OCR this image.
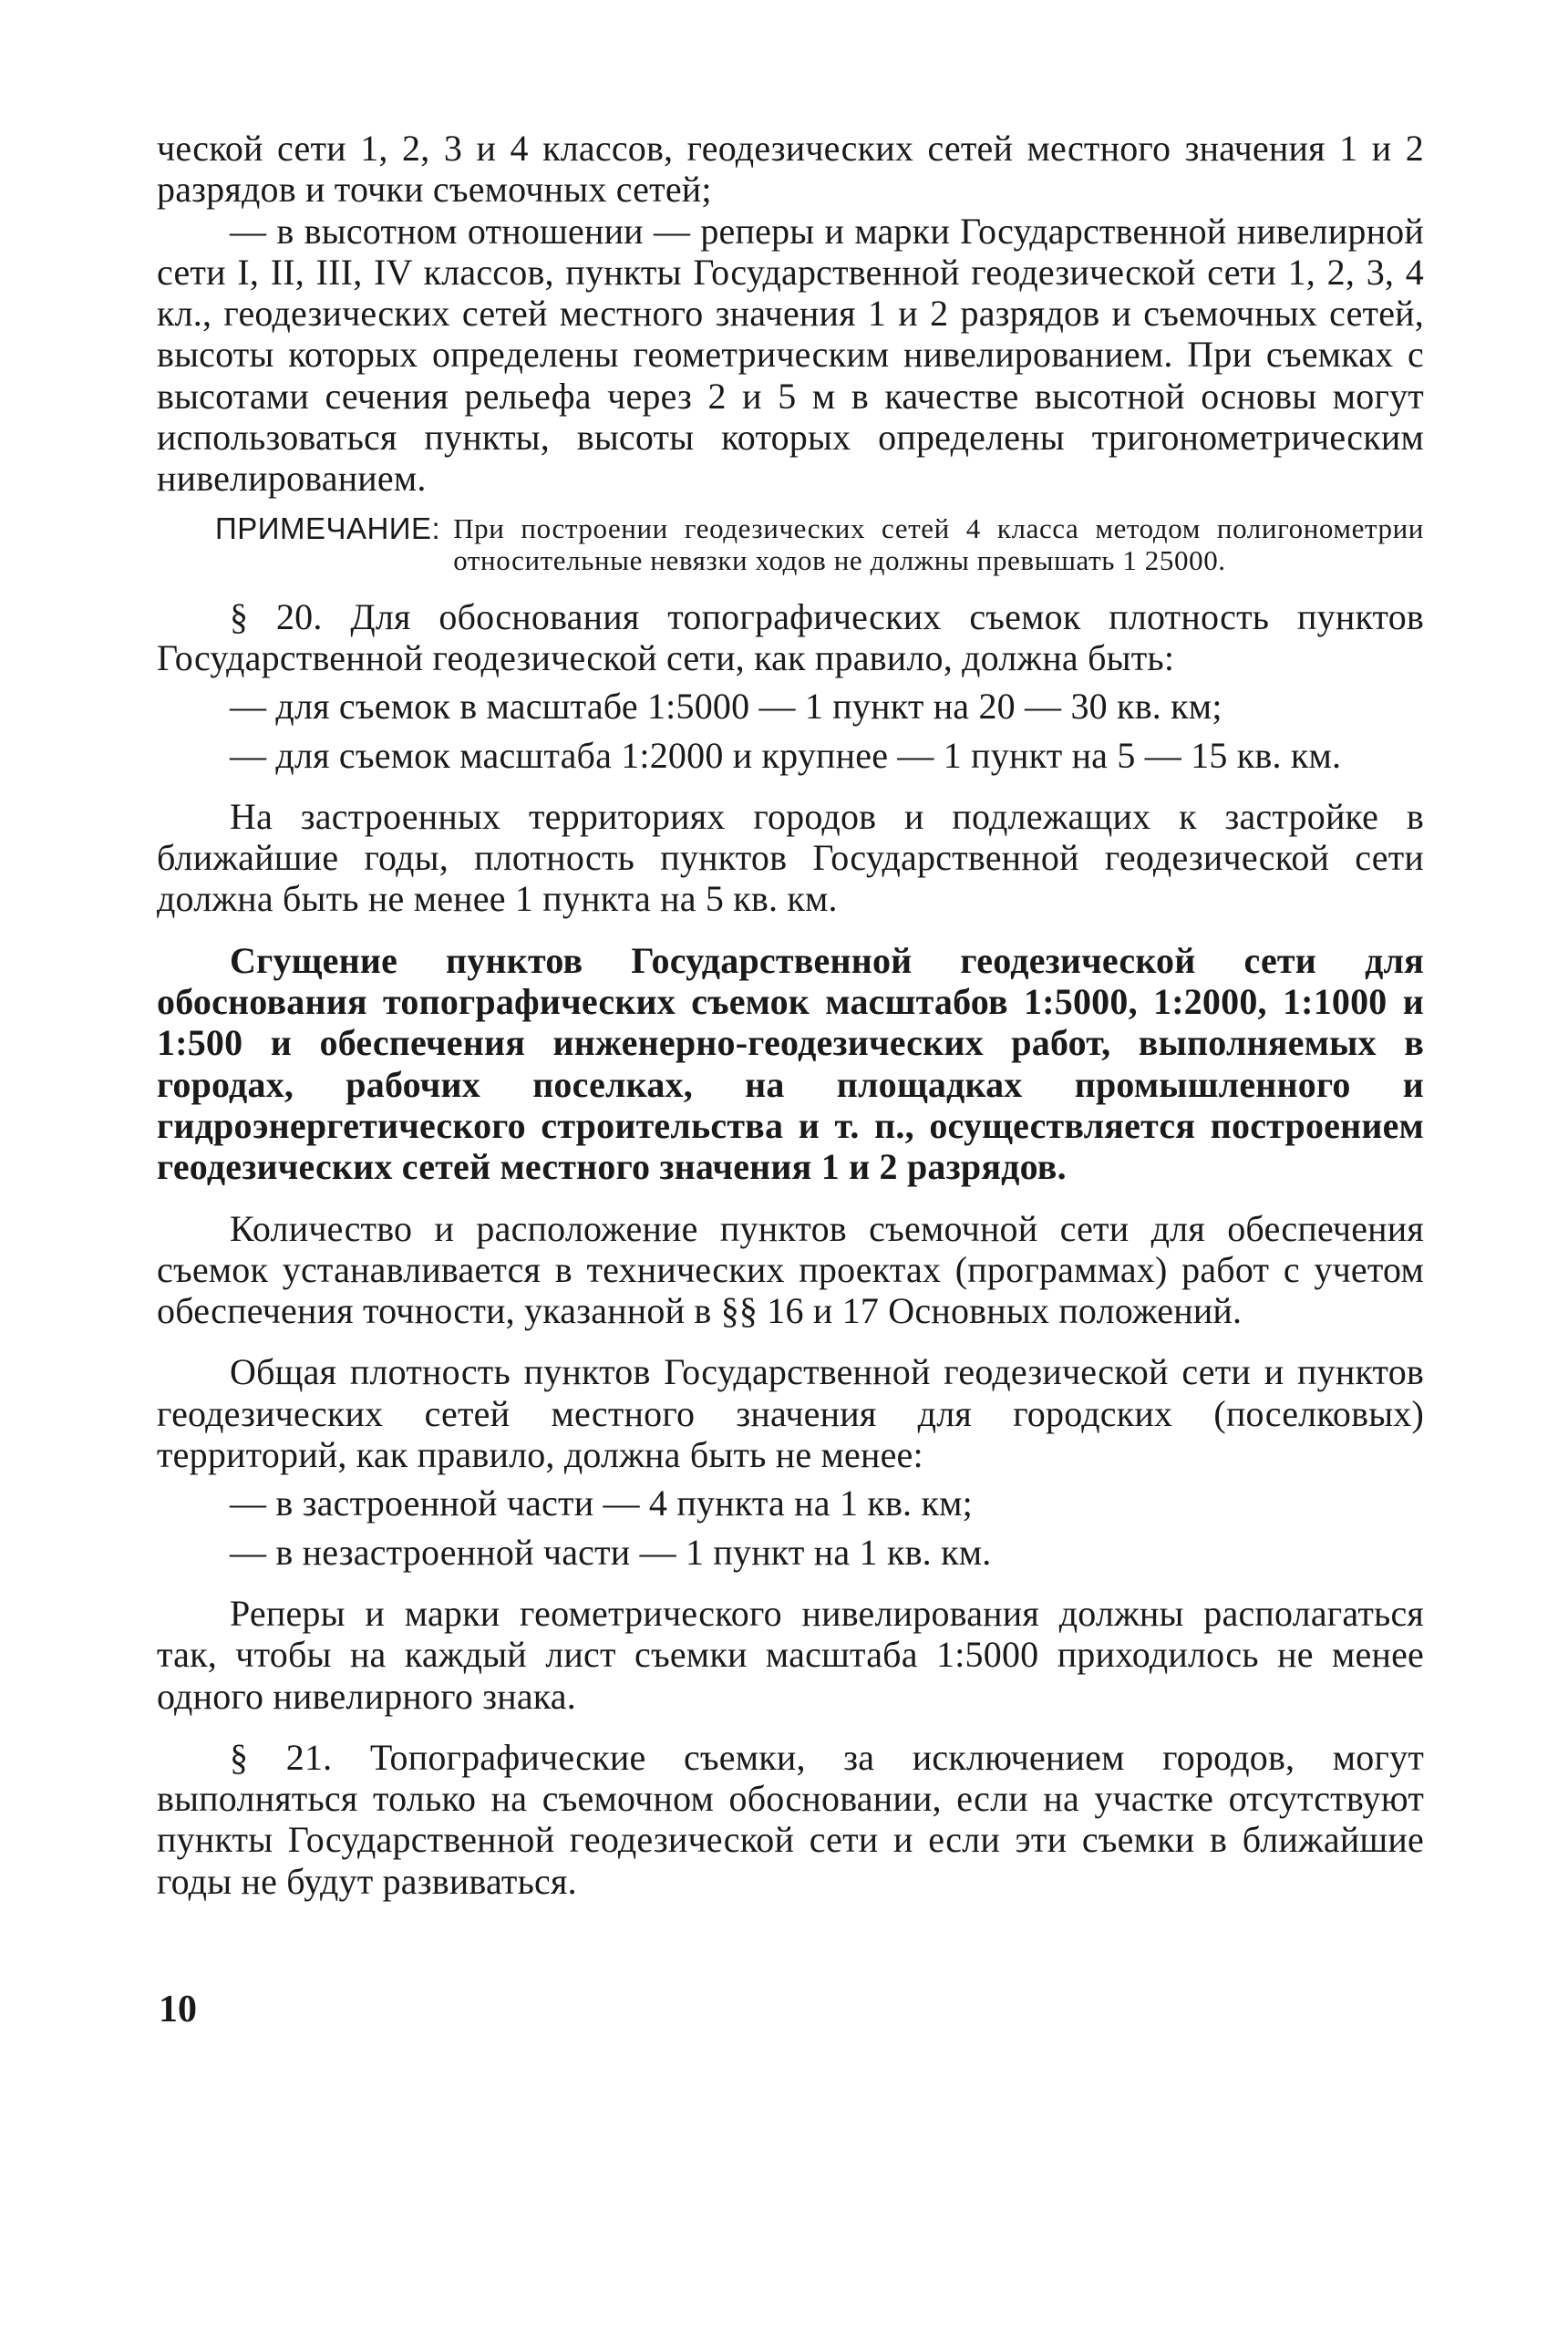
ческой сети 1, 2, 3 и 4 классов, геодезических сетей местного значения 1 и 2 разрядов и точки съемочных сетей;

— в высотном отношении — реперы и марки Государственной нивелирной сети I, II, III, IV классов, пункты Государственной геодезической сети 1, 2, 3, 4 кл., геодезических сетей местного значения 1 и 2 разрядов и съемочных сетей, высоты которых определены геометрическим нивелированием. При съемках с высотами сечения рельефа через 2 и 5 м в качестве высотной основы могут использоваться пункты, высоты которых определены тригонометрическим нивелированием.

ПРИМЕЧАНИЕ: При построении геодезических сетей 4 класса методом полигонометрии относительные невязки ходов не должны превышать 1 25000.

§ 20. Для обоснования топографических съемок плотность пунктов Государственной геодезической сети, как правило, должна быть:

— для съемок в масштабе 1:5000 — 1 пункт на 20 — 30 кв. км;

— для съемок масштаба 1:2000 и крупнее — 1 пункт на 5 — 15 кв. км.

На застроенных территориях городов и подлежащих к застройке в ближайшие годы, плотность пунктов Государственной геодезической сети должна быть не менее 1 пункта на 5 кв. км.

Сгущение пунктов Государственной геодезической сети для обоснования топографических съемок масштабов 1:5000, 1:2000, 1:1000 и 1:500 и обеспечения инженерно-геодезических работ, выполняемых в городах, рабочих поселках, на площадках промышленного и гидроэнергетического строительства и т. п., осуществляется построением геодезических сетей местного значения 1 и 2 разрядов.

Количество и расположение пунктов съемочной сети для обеспечения съемок устанавливается в технических проектах (программах) работ с учетом обеспечения точности, указанной в §§ 16 и 17 Основных положений.

Общая плотность пунктов Государственной геодезической сети и пунктов геодезических сетей местного значения для городских (поселковых) территорий, как правило, должна быть не менее:

— в застроенной части — 4 пункта на 1 кв. км;

— в незастроенной части — 1 пункт на 1 кв. км.

Реперы и марки геометрического нивелирования должны располагаться так, чтобы на каждый лист съемки масштаба 1:5000 приходилось не менее одного нивелирного знака.

§ 21. Топографические съемки, за исключением городов, могут выполняться только на съемочном обосновании, если на участке отсутствуют пункты Государственной геодезической сети и если эти съемки в ближайшие годы не будут развиваться.

10
